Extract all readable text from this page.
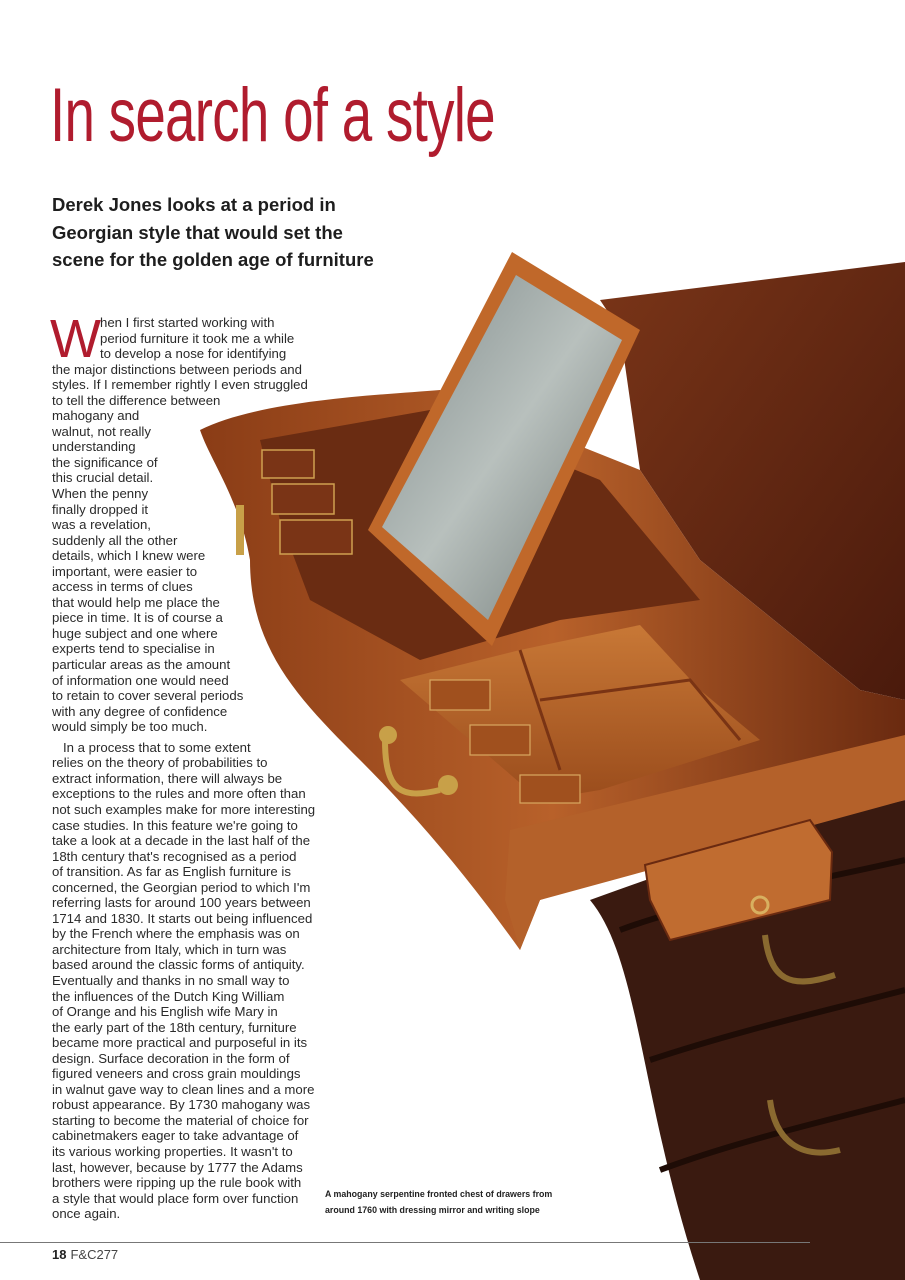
In search of a style
Derek Jones looks at a period in
Georgian style that would set the
scene for the golden age of furniture
W hen I first started working with
period furniture it took me a while
to develop a nose for identifying
the major distinctions between periods and
styles. If I remember rightly I even struggled
to tell the difference between
mahogany and
walnut, not really
understanding
the significance of
this crucial detail.
When the penny
finally dropped it
was a revelation,
suddenly all the other
details, which I knew were
important, were easier to
access in terms of clues
that would help me place the
piece in time. It is of course a
huge subject and one where
experts tend to specialise in
particular areas as the amount
of information one would need
to retain to cover several periods
with any degree of confidence
would simply be too much.
In a process that to some extent
relies on the theory of probabilities to
extract information, there will always be
exceptions to the rules and more often than
not such examples make for more interesting
case studies. In this feature we're going to
take a look at a decade in the last half of the
18th century that's recognised as a period
of transition. As far as English furniture is
concerned, the Georgian period to which I'm
referring lasts for around 100 years between
1714 and 1830. It starts out being influenced
by the French where the emphasis was on
architecture from Italy, which in turn was
based around the classic forms of antiquity.
Eventually and thanks in no small way to
the influences of the Dutch King William
of Orange and his English wife Mary in
the early part of the 18th century, furniture
became more practical and purposeful in its
design. Surface decoration in the form of
figured veneers and cross grain mouldings
in walnut gave way to clean lines and a more
robust appearance. By 1730 mahogany was
starting to become the material of choice for
cabinetmakers eager to take advantage of
its various working properties. It wasn't to
last, however, because by 1777 the Adams
brothers were ripping up the rule book with
a style that would place form over function
once again.
A mahogany serpentine fronted chest of drawers from
around 1760 with dressing mirror and writing slope
18 F&C277
